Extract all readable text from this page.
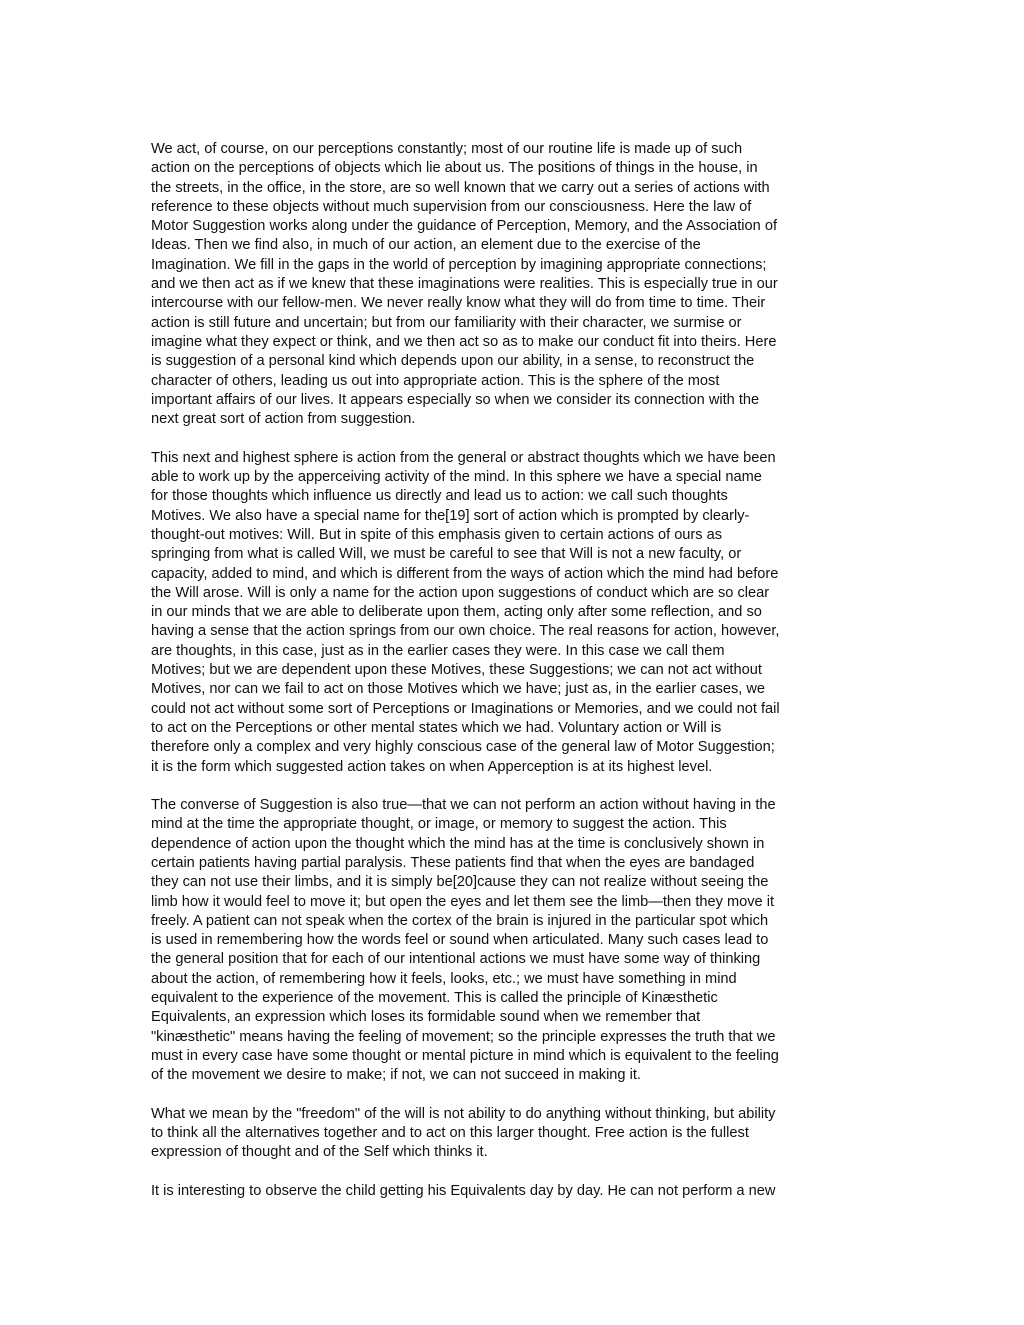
We act, of course, on our perceptions constantly; most of our routine life is made up of such
action on the perceptions of objects which lie about us. The positions of things in the house, in
the streets, in the office, in the store, are so well known that we carry out a series of actions with
reference to these objects without much supervision from our consciousness. Here the law of
Motor Suggestion works along under the guidance of Perception, Memory, and the Association of
Ideas. Then we find also, in much of our action, an element due to the exercise of the
Imagination. We fill in the gaps in the world of perception by imagining appropriate connections;
and we then act as if we knew that these imaginations were realities. This is especially true in our
intercourse with our fellow-men. We never really know what they will do from time to time. Their
action is still future and uncertain; but from our familiarity with their character, we surmise or
imagine what they expect or think, and we then act so as to make our conduct fit into theirs. Here
is suggestion of a personal kind which depends upon our ability, in a sense, to reconstruct the
character of others, leading us out into appropriate action. This is the sphere of the most
important affairs of our lives. It appears especially so when we consider its connection with the
next great sort of action from suggestion.

This next and highest sphere is action from the general or abstract thoughts which we have been
able to work up by the apperceiving activity of the mind. In this sphere we have a special name
for those thoughts which influence us directly and lead us to action: we call such thoughts
Motives. We also have a special name for the[19] sort of action which is prompted by clearly-
thought-out motives: Will. But in spite of this emphasis given to certain actions of ours as
springing from what is called Will, we must be careful to see that Will is not a new faculty, or
capacity, added to mind, and which is different from the ways of action which the mind had before
the Will arose. Will is only a name for the action upon suggestions of conduct which are so clear
in our minds that we are able to deliberate upon them, acting only after some reflection, and so
having a sense that the action springs from our own choice. The real reasons for action, however,
are thoughts, in this case, just as in the earlier cases they were. In this case we call them
Motives; but we are dependent upon these Motives, these Suggestions; we can not act without
Motives, nor can we fail to act on those Motives which we have; just as, in the earlier cases, we
could not act without some sort of Perceptions or Imaginations or Memories, and we could not fail
to act on the Perceptions or other mental states which we had. Voluntary action or Will is
therefore only a complex and very highly conscious case of the general law of Motor Suggestion;
it is the form which suggested action takes on when Apperception is at its highest level.

The converse of Suggestion is also true—that we can not perform an action without having in the
mind at the time the appropriate thought, or image, or memory to suggest the action. This
dependence of action upon the thought which the mind has at the time is conclusively shown in
certain patients having partial paralysis. These patients find that when the eyes are bandaged
they can not use their limbs, and it is simply be[20]cause they can not realize without seeing the
limb how it would feel to move it; but open the eyes and let them see the limb—then they move it
freely. A patient can not speak when the cortex of the brain is injured in the particular spot which
is used in remembering how the words feel or sound when articulated. Many such cases lead to
the general position that for each of our intentional actions we must have some way of thinking
about the action, of remembering how it feels, looks, etc.; we must have something in mind
equivalent to the experience of the movement. This is called the principle of Kinæsthetic
Equivalents, an expression which loses its formidable sound when we remember that
"kinæsthetic" means having the feeling of movement; so the principle expresses the truth that we
must in every case have some thought or mental picture in mind which is equivalent to the feeling
of the movement we desire to make; if not, we can not succeed in making it.

What we mean by the "freedom" of the will is not ability to do anything without thinking, but ability
to think all the alternatives together and to act on this larger thought. Free action is the fullest
expression of thought and of the Self which thinks it.

It is interesting to observe the child getting his Equivalents day by day. He can not perform a new
